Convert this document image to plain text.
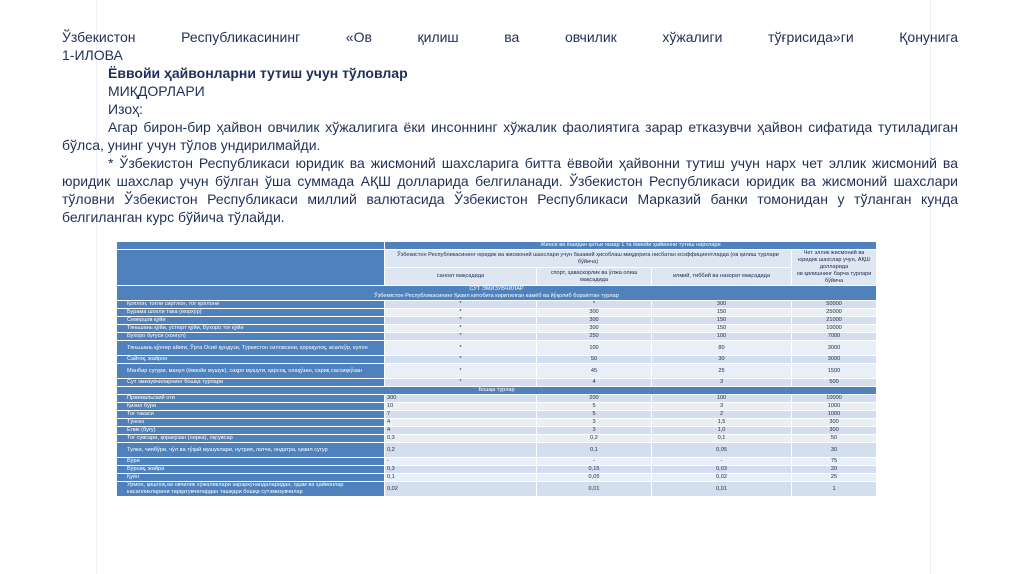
Ўзбекистон	Республикасининг	«Ов	қилиш	ва	овчилик	хўжалиги	тўғрисида»ги	Қонунига

1-ИЛОВА

Ёввойи ҳайвонларни тутиш учун тўловлар

МИҚДОРЛАРИ

Изоҳ:

Агар бирон-бир ҳайвон овчилик хўжалигига ёки инсоннинг хўжалик фаолиятига зарар етказувчи ҳайвон сифатида тутиладиган бўлса, унинг учун тўлов ундирилмайди.

* Ўзбекистон Республикаси юридик ва жисмоний шахсларига битта ёввойи ҳайвонни тутиш учун нарх чет эллик жисмоний ва юридик шахслар учун бўлган ўша суммада АҚШ долларида белгиланади. Ўзбекистон Республикаси юридик ва жисмоний шахслари тўловни Ўзбекистон Республикаси миллий валютасида Ўзбекистон Республикаси Марказий банки томонидан у тўланган кунда белгиланган курс бўйича тўлайди.

	Жинси ва ёшидан қатъи назар 1 та ёввойи ҳайвонни тутиш нархлари			
	Ўзбекистон Республикасининг юридик ва жисмоний шахслари учун базавий ҳисоблаш миқдорига нисбатан коэффициентларда (ов қилиш турлари бўйича)			Чет эллик жисмоний ва юридик шахслар учун, АҚШ долларида
ов қилишнинг барча турлари бўйича
	саноат мақсадида	спорт, ҳаваскорлик ва ўлжа олиш мақсадида	илмий, тиббий ва назорат мақсадида	
СУТ ЭМИЗУВЧИЛАР
Ўзбекистон Республикасининг Қизил китобига киритилган камёб ва йўқолиб бораётган турлар				
Қоплон, тоғли сиртлон, тоғ қоплони	*	*	300	50000
Бурама шохли така (морхўр)	*	300	150	25000
Северцов қўйи	*	300	150	21000
Тяньшань қўйи, устюрт қўйи, Бухоро тоғ қўйи	*	300	150	10000
Бухоро буғуси (хонгул)	*	250	100	7000
Тяньшань қўнғир айиғи, Ўрта Осиё қундузи, Туркистон силовсини, қорақулоқ, асалхўр, кулон	*	100	80	3000
Сайғоқ, жайрон	*	50	30	3000
Манбир сугури, манул (ёввойи мушук), саҳро мушуги, қарсоқ, олақўзан, сариқ сассиқкўзан	*	45	25	1500
Сут эмизувчиларнинг бошқа турлари	*	4	3	500
Бошқа турлар				
Пржевальский оти	300	200	100	10000
Қизил бўри	10	5	3	1000
Тоғ такаси	7	5	2	1000
Тўнғиз	4	3	1,5	300
Елик (буғу)	4	3	1,0	300
Тоғ сувсари, қоракўзан (норка), оқсувсар	0,3	0,2	0,1	50
Тулки, чиябўри, чўл ва тўқай мушуклари, нутрия, латча, ондатра, қизил сугур	0,2	0,1	0,05	30
Бўри	-	-	-	75
Бўрсиқ, жайра	0,3	0,15	0,03	20
Қуён	0,1	0,05	0,02	25
Урмон, қишлоқ ва овчилик хўжаликлари зараркунандаларидан, одам ва ҳайвонлар касалликларини тарқатувчилардан ташқари бошқа сутэмизувчилар	0,02	0,01	0,01	1
